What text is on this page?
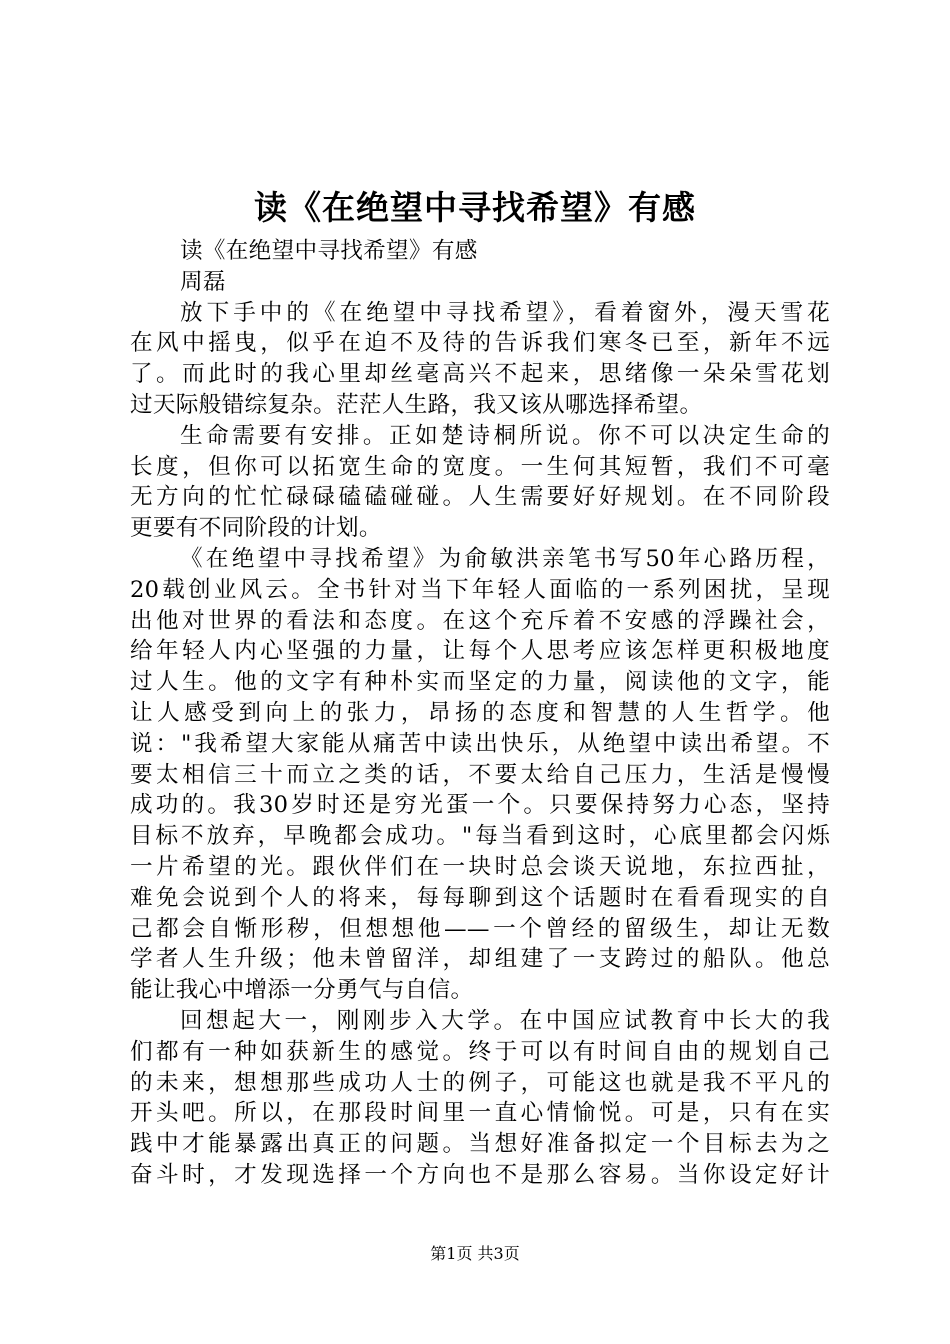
读《在绝望中寻找希望》有感
读《在绝望中寻找希望》有感
周磊
放下手中的《在绝望中寻找希望》，看着窗外，漫天雪花
在风中摇曳，似乎在迫不及待的告诉我们寒冬已至，新年不远
了。而此时的我心里却丝毫高兴不起来，思绪像一朵朵雪花划
过天际般错综复杂。茫茫人生路，我又该从哪选择希望。
生命需要有安排。正如楚诗桐所说。你不可以决定生命的
长度，但你可以拓宽生命的宽度。一生何其短暂，我们不可毫
无方向的忙忙碌碌磕磕碰碰。人生需要好好规划。在不同阶段
更要有不同阶段的计划。
《在绝望中寻找希望》为俞敏洪亲笔书写50年心路历程，
20载创业风云。全书针对当下年轻人面临的一系列困扰，呈现
出他对世界的看法和态度。在这个充斥着不安感的浮躁社会，
给年轻人内心坚强的力量，让每个人思考应该怎样更积极地度
过人生。他的文字有种朴实而坚定的力量，阅读他的文字，能
让人感受到向上的张力，昂扬的态度和智慧的人生哲学。他
说："我希望大家能从痛苦中读出快乐，从绝望中读出希望。不
要太相信三十而立之类的话，不要太给自己压力，生活是慢慢
成功的。我30岁时还是穷光蛋一个。只要保持努力心态，坚持
目标不放弃，早晚都会成功。"每当看到这时，心底里都会闪烁
一片希望的光。跟伙伴们在一块时总会谈天说地，东拉西扯，
难免会说到个人的将来，每每聊到这个话题时在看看现实的自
己都会自惭形秽，但想想他——一个曾经的留级生，却让无数
学者人生升级；他未曾留洋，却组建了一支跨过的船队。他总
能让我心中增添一分勇气与自信。
回想起大一，刚刚步入大学。在中国应试教育中长大的我
们都有一种如获新生的感觉。终于可以有时间自由的规划自己
的未来，想想那些成功人士的例子，可能这也就是我不平凡的
开头吧。所以，在那段时间里一直心情愉悦。可是，只有在实
践中才能暴露出真正的问题。当想好准备拟定一个目标去为之
奋斗时，才发现选择一个方向也不是那么容易。当你设定好计
第1页 共3页
